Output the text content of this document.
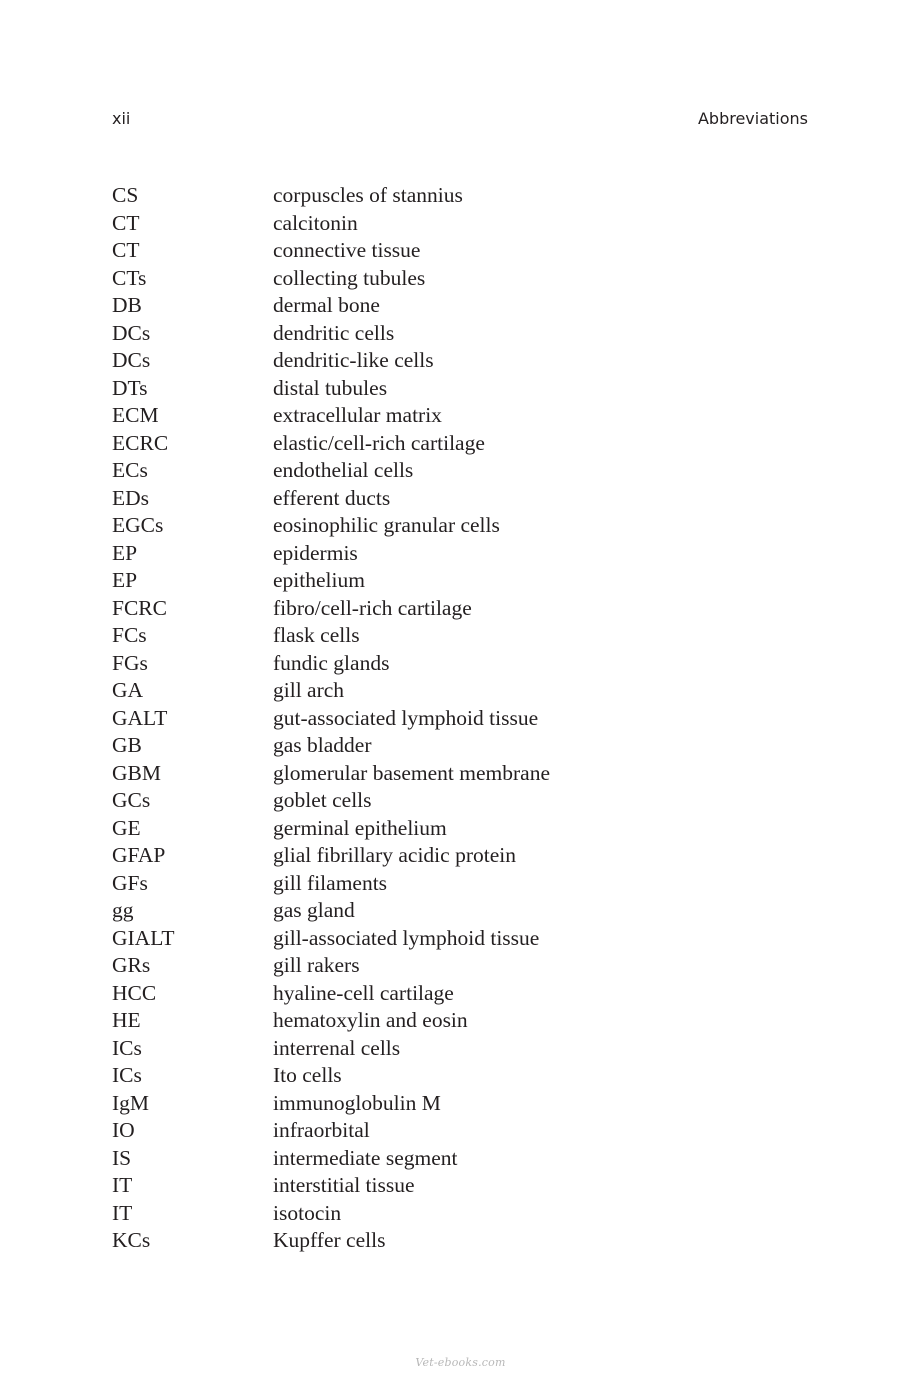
xii	Abbreviations
CS	corpuscles of stannius
CT	calcitonin
CT	connective tissue
CTs	collecting tubules
DB	dermal bone
DCs	dendritic cells
DCs	dendritic-like cells
DTs	distal tubules
ECM	extracellular matrix
ECRC	elastic/cell-rich cartilage
ECs	endothelial cells
EDs	efferent ducts
EGCs	eosinophilic granular cells
EP	epidermis
EP	epithelium
FCRC	fibro/cell-rich cartilage
FCs	flask cells
FGs	fundic glands
GA	gill arch
GALT	gut-associated lymphoid tissue
GB	gas bladder
GBM	glomerular basement membrane
GCs	goblet cells
GE	germinal epithelium
GFAP	glial fibrillary acidic protein
GFs	gill filaments
gg	gas gland
GIALT	gill-associated lymphoid tissue
GRs	gill rakers
HCC	hyaline-cell cartilage
HE	hematoxylin and eosin
ICs	interrenal cells
ICs	Ito cells
IgM	immunoglobulin M
IO	infraorbital
IS	intermediate segment
IT	interstitial tissue
IT	isotocin
KCs	Kupffer cells
Vet-ebooks.com
